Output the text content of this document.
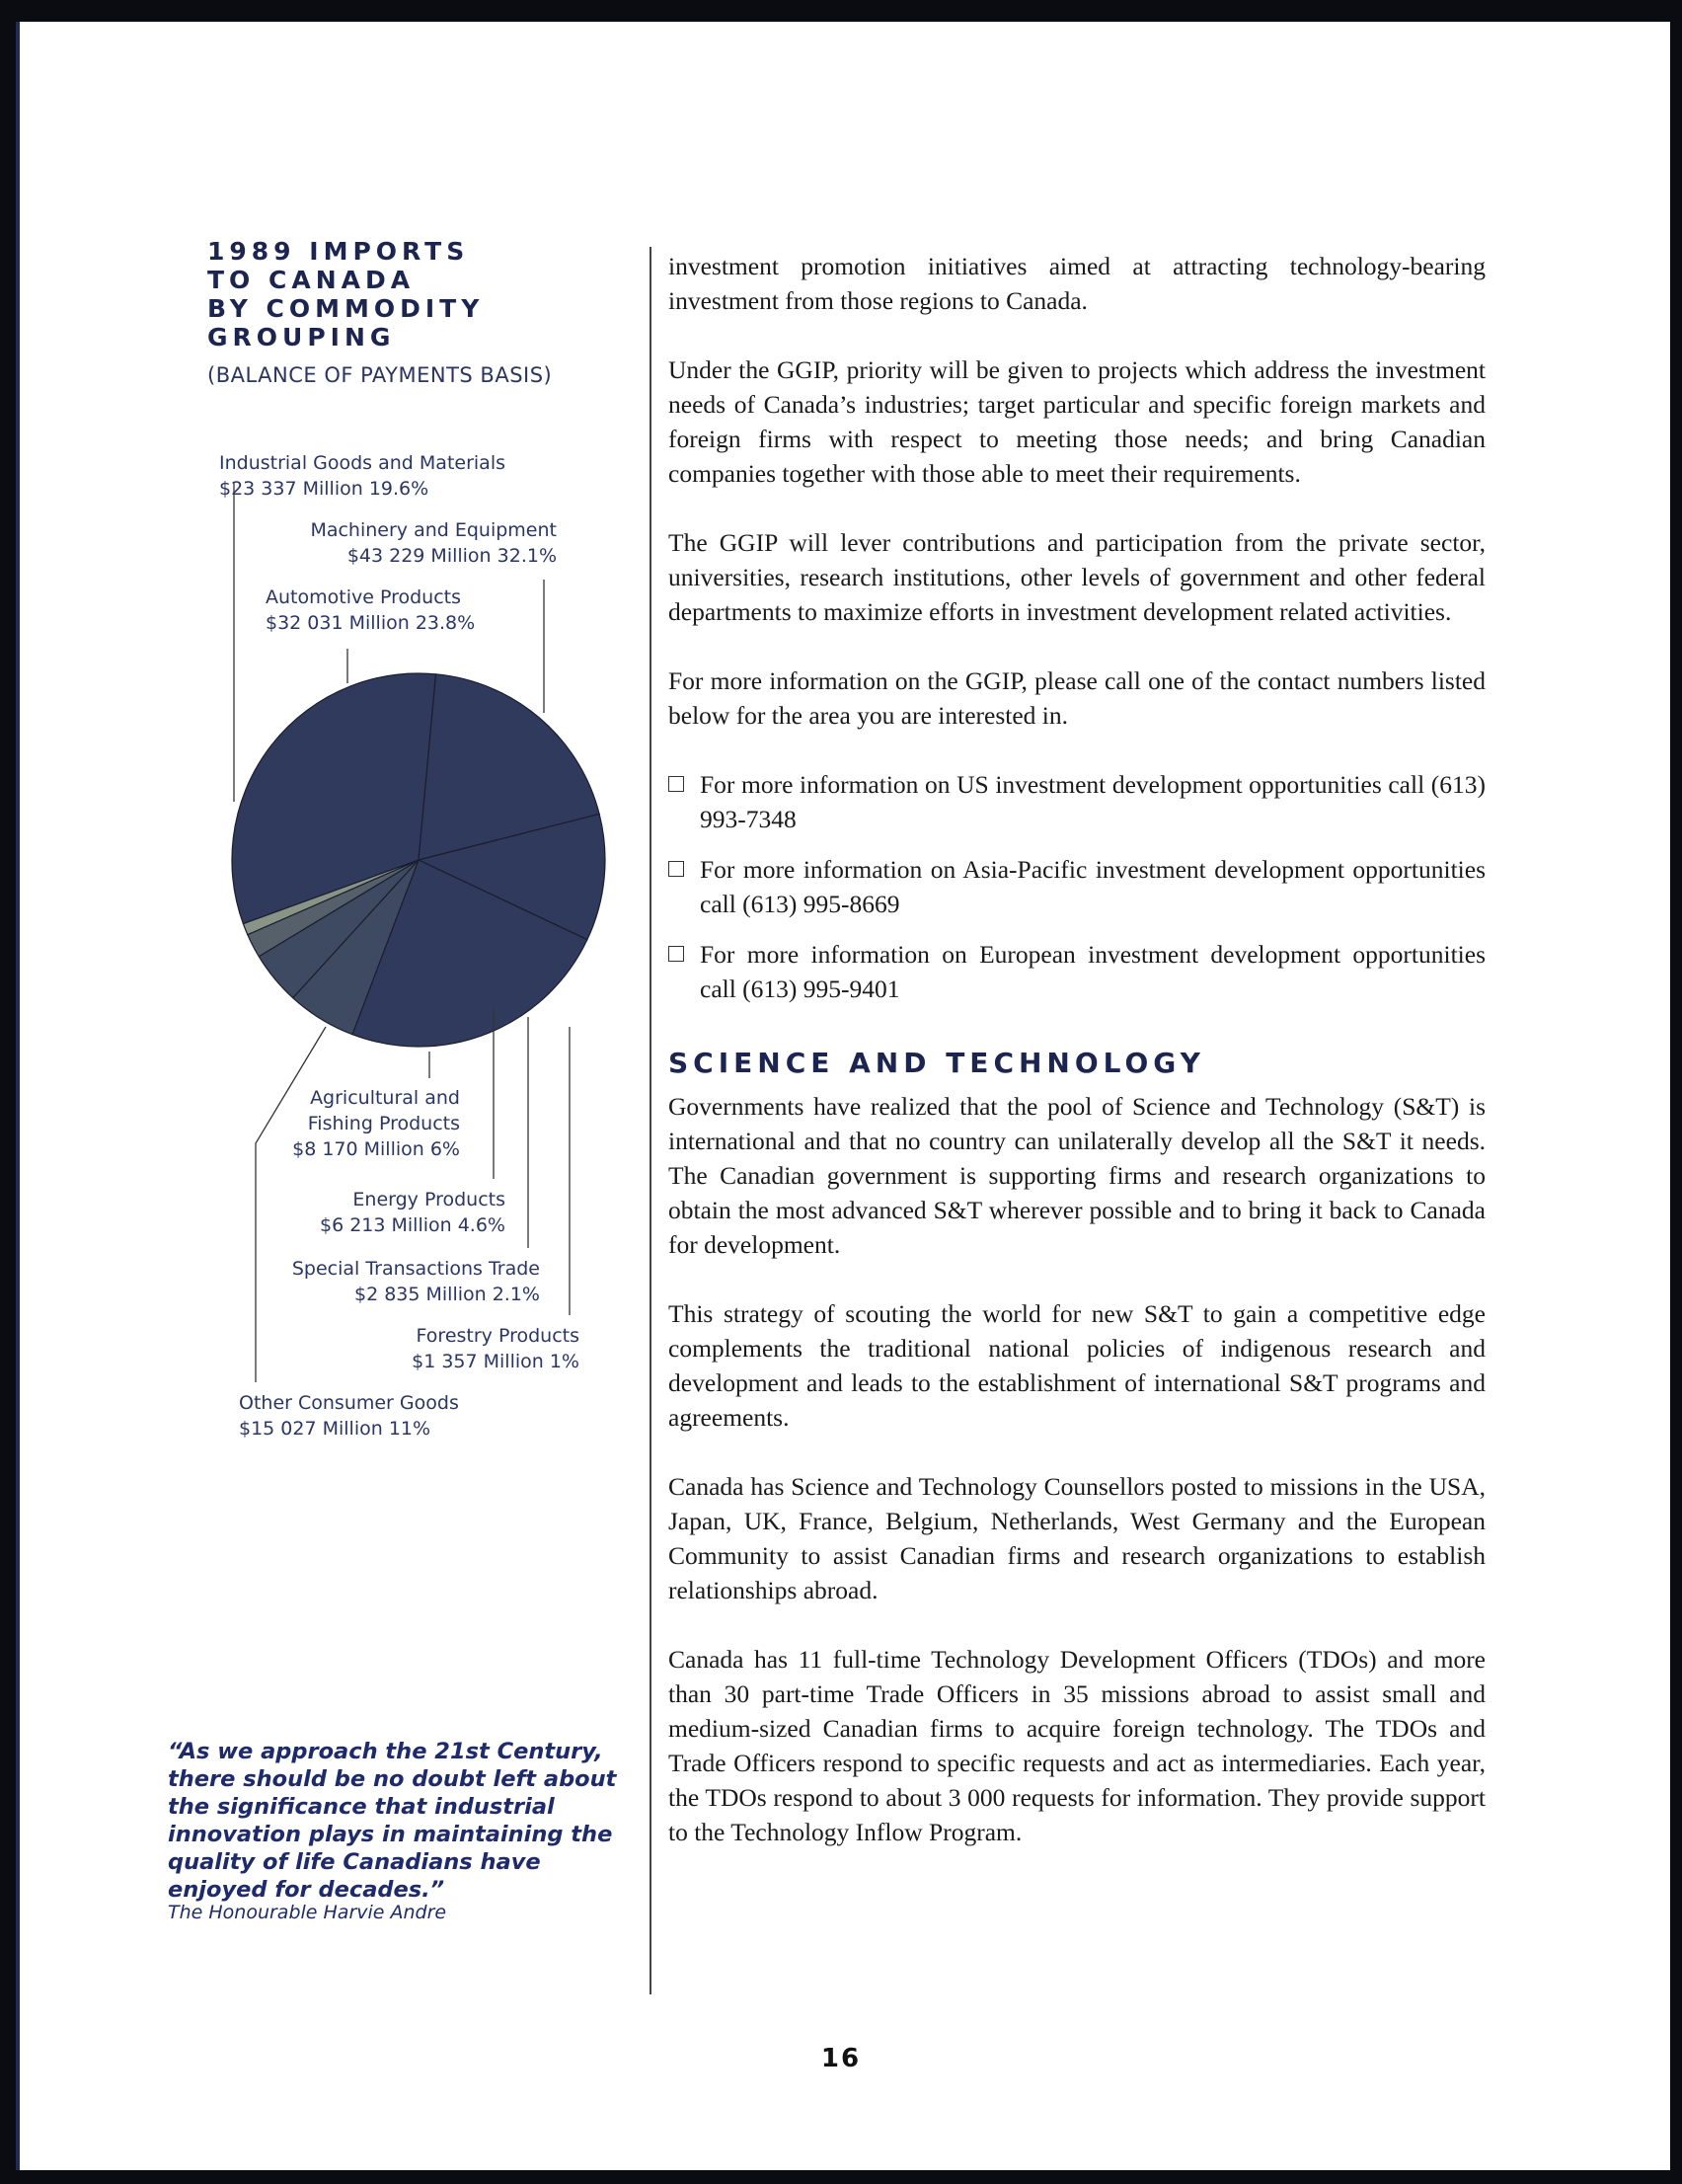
1989 IMPORTS
TO CANADA
BY COMMODITY
GROUPING
(BALANCE OF PAYMENTS BASIS)
Industrial Goods and Materials
$23 337 Million 19.6%
Machinery and Equipment
$43 229 Million 32.1%
Automotive Products
$32 031 Million 23.8%
Agricultural and
Fishing Products
$8 170 Million 6%
Energy Products
$6 213 Million 4.6%
Special Transactions Trade
$2 835 Million 2.1%
Forestry Products
$1 357 Million 1%
Other Consumer Goods
$15 027 Million 11%

“As we approach the 21st Century, there should be no doubt left about the significance that industrial innovation plays in maintaining the quality of life Canadians have enjoyed for decades.”

The Honourable Harvie Andre

investment promotion initiatives aimed at attracting technology-bearing investment from those regions to Canada.

Under the GGIP, priority will be given to projects which address the investment needs of Canada’s industries; target particular and specific foreign markets and foreign firms with respect to meeting those needs; and bring Canadian companies together with those able to meet their requirements.

The GGIP will lever contributions and participation from the private sector, universities, research institutions, other levels of government and other federal departments to maximize efforts in investment development related activities.

For more information on the GGIP, please call one of the contact numbers listed below for the area you are interested in.

For more information on US investment development opportunities call (613) 993-7348
For more information on Asia-Pacific investment development opportunities call (613) 995-8669
For more information on European investment development opportunities call (613) 995-9401
SCIENCE AND TECHNOLOGY

Governments have realized that the pool of Science and Technology (S&T) is international and that no country can unilaterally develop all the S&T it needs. The Canadian government is supporting firms and research organizations to obtain the most advanced S&T wherever possible and to bring it back to Canada for development.

This strategy of scouting the world for new S&T to gain a competitive edge complements the traditional national policies of indigenous research and development and leads to the establishment of international S&T programs and agreements.

Canada has Science and Technology Counsellors posted to missions in the USA, Japan, UK, France, Belgium, Netherlands, West Germany and the European Community to assist Canadian firms and research organizations to establish relationships abroad.

Canada has 11 full-time Technology Development Officers (TDOs) and more than 30 part-time Trade Officers in 35 missions abroad to assist small and medium-sized Canadian firms to acquire foreign technology. The TDOs and Trade Officers respond to specific requests and act as intermediaries. Each year, the TDOs respond to about 3 000 requests for information. They provide support to the Technology Inflow Program.

16
